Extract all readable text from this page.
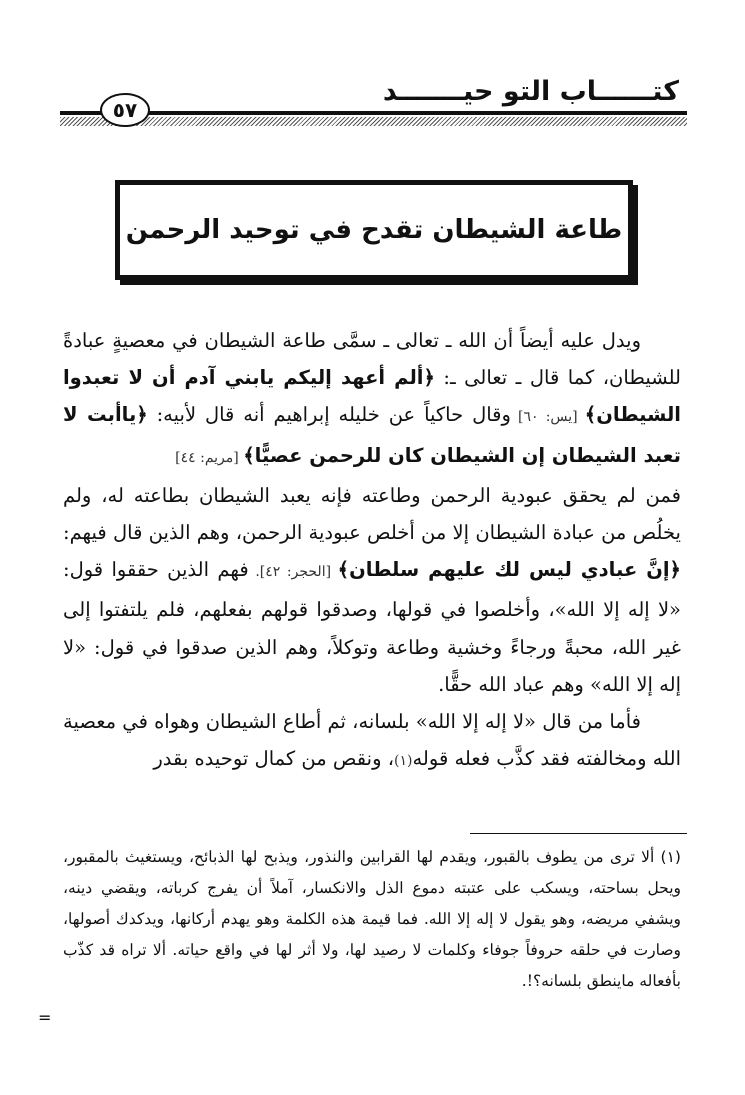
كتــــــاب التو حيـــــــد
٥٧
طاعة الشيطان تقدح في توحيد الرحمن

ويدل عليه أيضاً أن الله ـ تعالى ـ سمَّى طاعة الشيطان في معصيةٍ عبادةً للشيطان، كما قال ـ تعالى ـ: ﴿ألم أعهد إليكم يابني آدم أن لا تعبدوا الشيطان﴾ [يس: ٦٠] وقال حاكياً عن خليله إبراهيم أنه قال لأبيه: ﴿ياأبت لا تعبد الشيطان إن الشيطان كان للرحمن عصيًّا﴾ [مريم: ٤٤]

فمن لم يحقق عبودية الرحمن وطاعته فإنه يعبد الشيطان بطاعته له، ولم يخلُص من عبادة الشيطان إلا من أخلص عبودية الرحمن، وهم الذين قال فيهم: ﴿إنَّ عبادي ليس لك عليهم سلطان﴾ [الحجر: ٤٢]. فهم الذين حققوا قول: «لا إله إلا الله»، وأخلصوا في قولها، وصدقوا قولهم بفعلهم، فلم يلتفتوا إلى غير الله، محبةً ورجاءً وخشية وطاعة وتوكلاً، وهم الذين صدقوا في قول: «لا إله إلا الله» وهم عباد الله حقًّا.

فأما من قال «لا إله إلا الله» بلسانه، ثم أطاع الشيطان وهواه في معصية الله ومخالفته فقد كذَّب فعله قوله(١)، ونقص من كمال توحيده بقدر

(١) ألا ترى من يطوف بالقبور، ويقدم لها القرابين والنذور، ويذبح لها الذبائح، ويستغيث بالمقبور، ويحل بساحته، ويسكب على عتبته دموع الذل والانكسار، آملاً أن يفرج كرباته، ويقضي دينه، ويشفي مريضه، وهو يقول لا إله إلا الله. فما قيمة هذه الكلمة وهو يهدم أركانها، ويدكدك أصولها، وصارت في حلقه حروفاً جوفاء وكلمات لا رصيد لها، ولا أثر لها في واقع حياته. ألا تراه قد كذّب بأفعاله ماينطق بلسانه؟!.
=
